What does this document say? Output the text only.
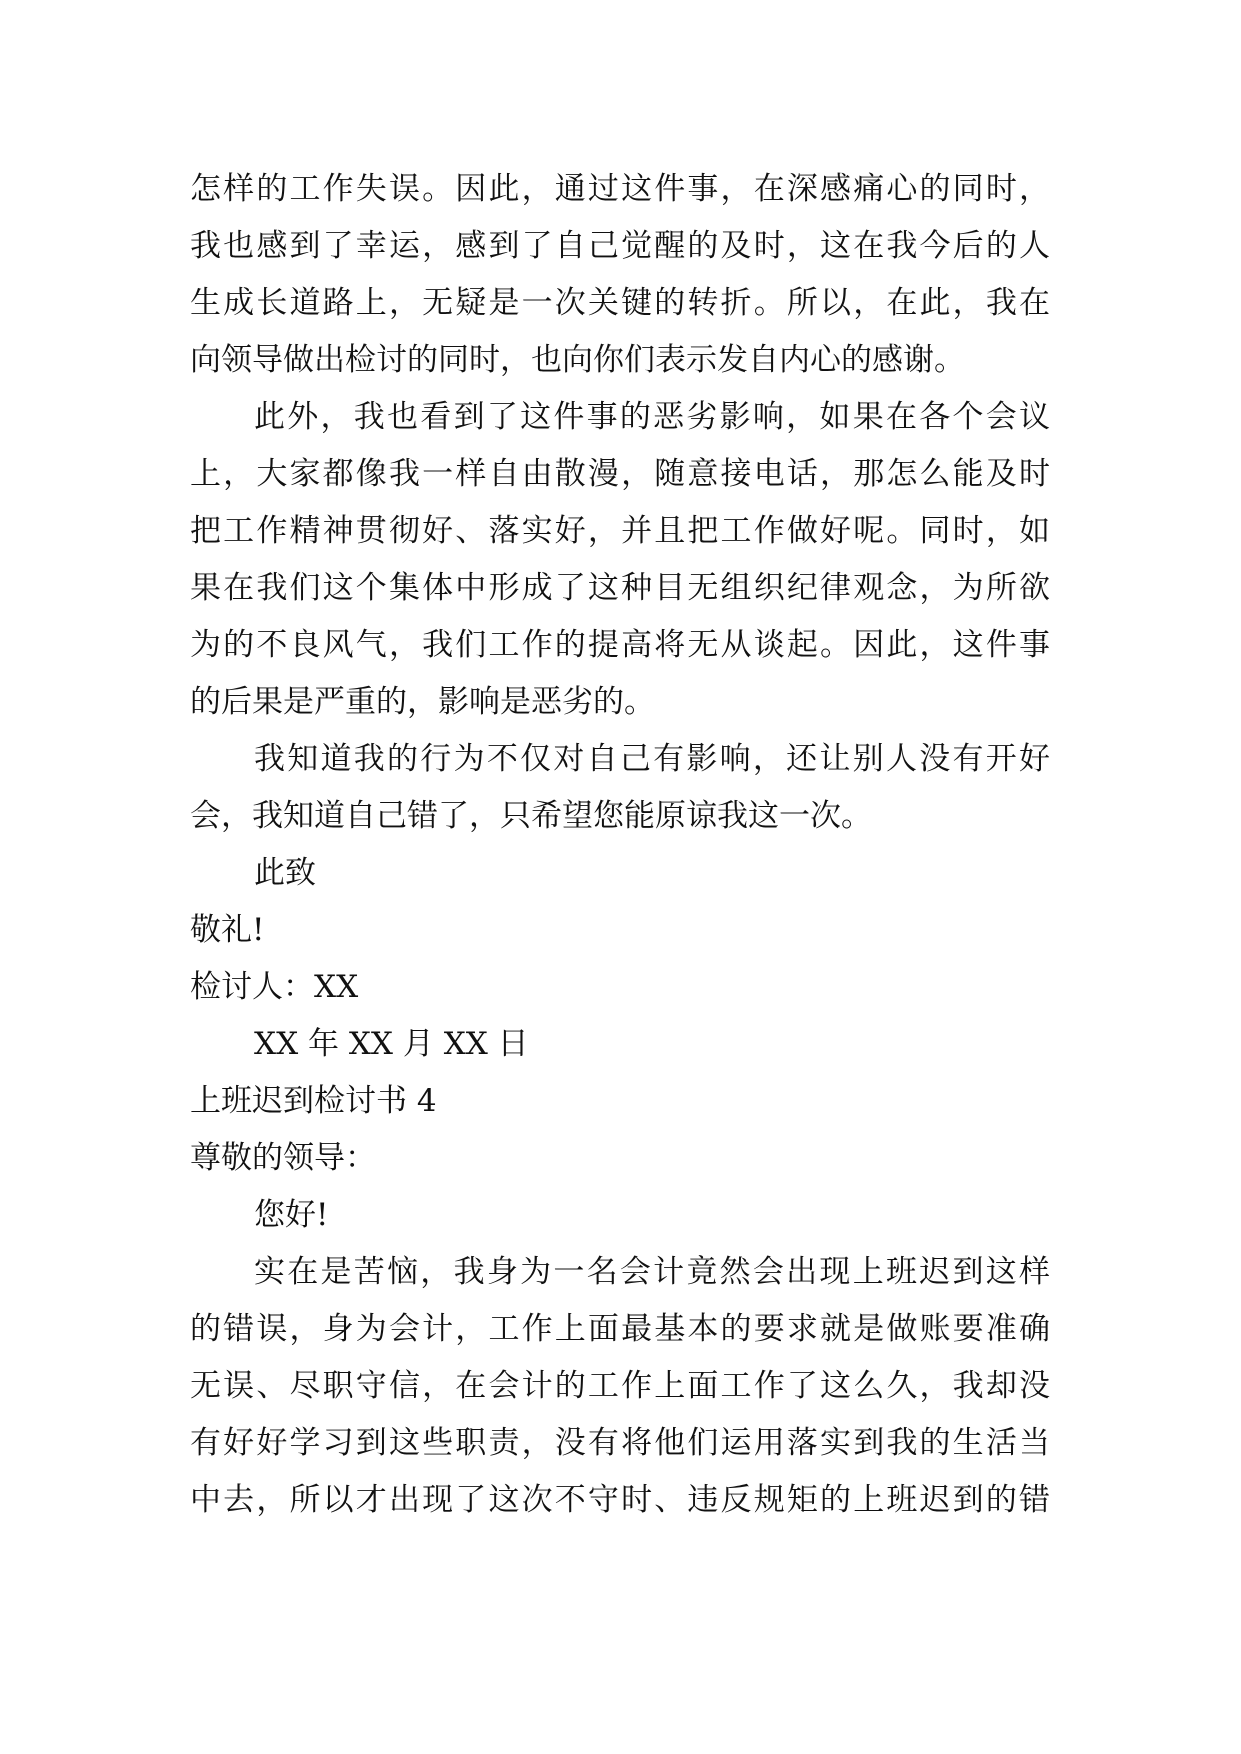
怎样的工作失误。因此，通过这件事，在深感痛心的同时，
我也感到了幸运，感到了自己觉醒的及时，这在我今后的人
生成长道路上，无疑是一次关键的转折。所以，在此，我在
向领导做出检讨的同时，也向你们表示发自内心的感谢。
此外，我也看到了这件事的恶劣影响，如果在各个会议
上，大家都像我一样自由散漫，随意接电话，那怎么能及时
把工作精神贯彻好、落实好，并且把工作做好呢。同时，如
果在我们这个集体中形成了这种目无组织纪律观念，为所欲
为的不良风气，我们工作的提高将无从谈起。因此，这件事
的后果是严重的，影响是恶劣的。
我知道我的行为不仅对自己有影响，还让别人没有开好
会，我知道自己错了，只希望您能原谅我这一次。
此致
敬礼!
检讨人：XX
XX 年 XX 月 XX 日
上班迟到检讨书 4
尊敬的领导：
您好!
实在是苦恼，我身为一名会计竟然会出现上班迟到这样
的错误，身为会计，工作上面最基本的要求就是做账要准确
无误、尽职守信，在会计的工作上面工作了这么久，我却没
有好好学习到这些职责，没有将他们运用落实到我的生活当
中去，所以才出现了这次不守时、违反规矩的上班迟到的错
